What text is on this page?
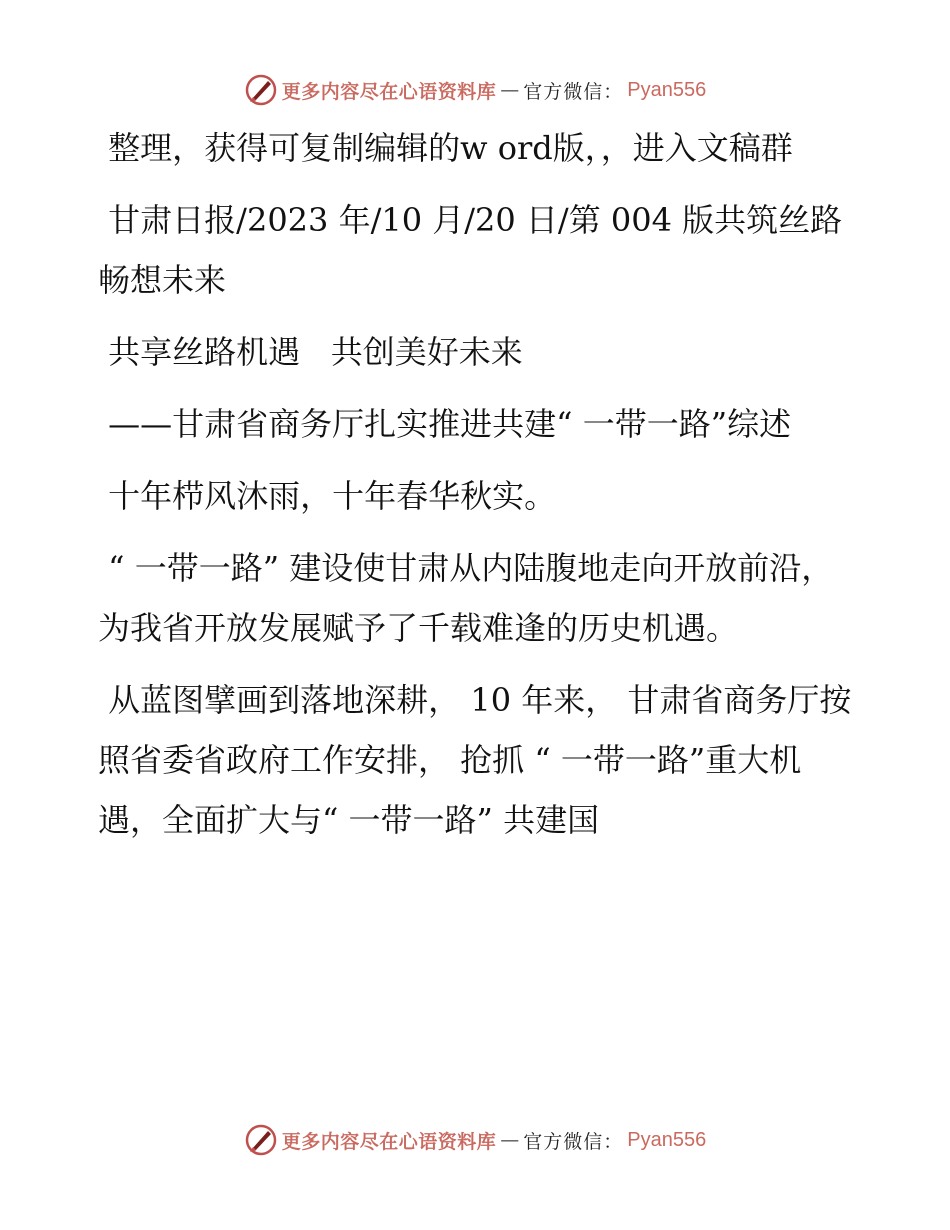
更多内容尽在心语资料库 — 官方微信： Pyan556

整理，获得可复制编辑的w ord版，，进入文稿群

甘肃日报/2023 年/10 月/20 日/第 004 版共筑丝路 畅想未来

共享丝路机遇   共创美好未来

——甘肃省商务厅扎实推进共建“ 一带一路”综述

十年栉风沐雨，十年春华秋实。

“ 一带一路” 建设使甘肃从内陆腹地走向开放前沿，为我省开放发展赋予了千载难逢的历史机遇。

从蓝图擘画到落地深耕， 10 年来， 甘肃省商务厅按照省委省政府工作安排， 抢抓 “ 一带一路”重大机遇，全面扩大与“ 一带一路” 共建国

更多内容尽在心语资料库 — 官方微信： Pyan556
